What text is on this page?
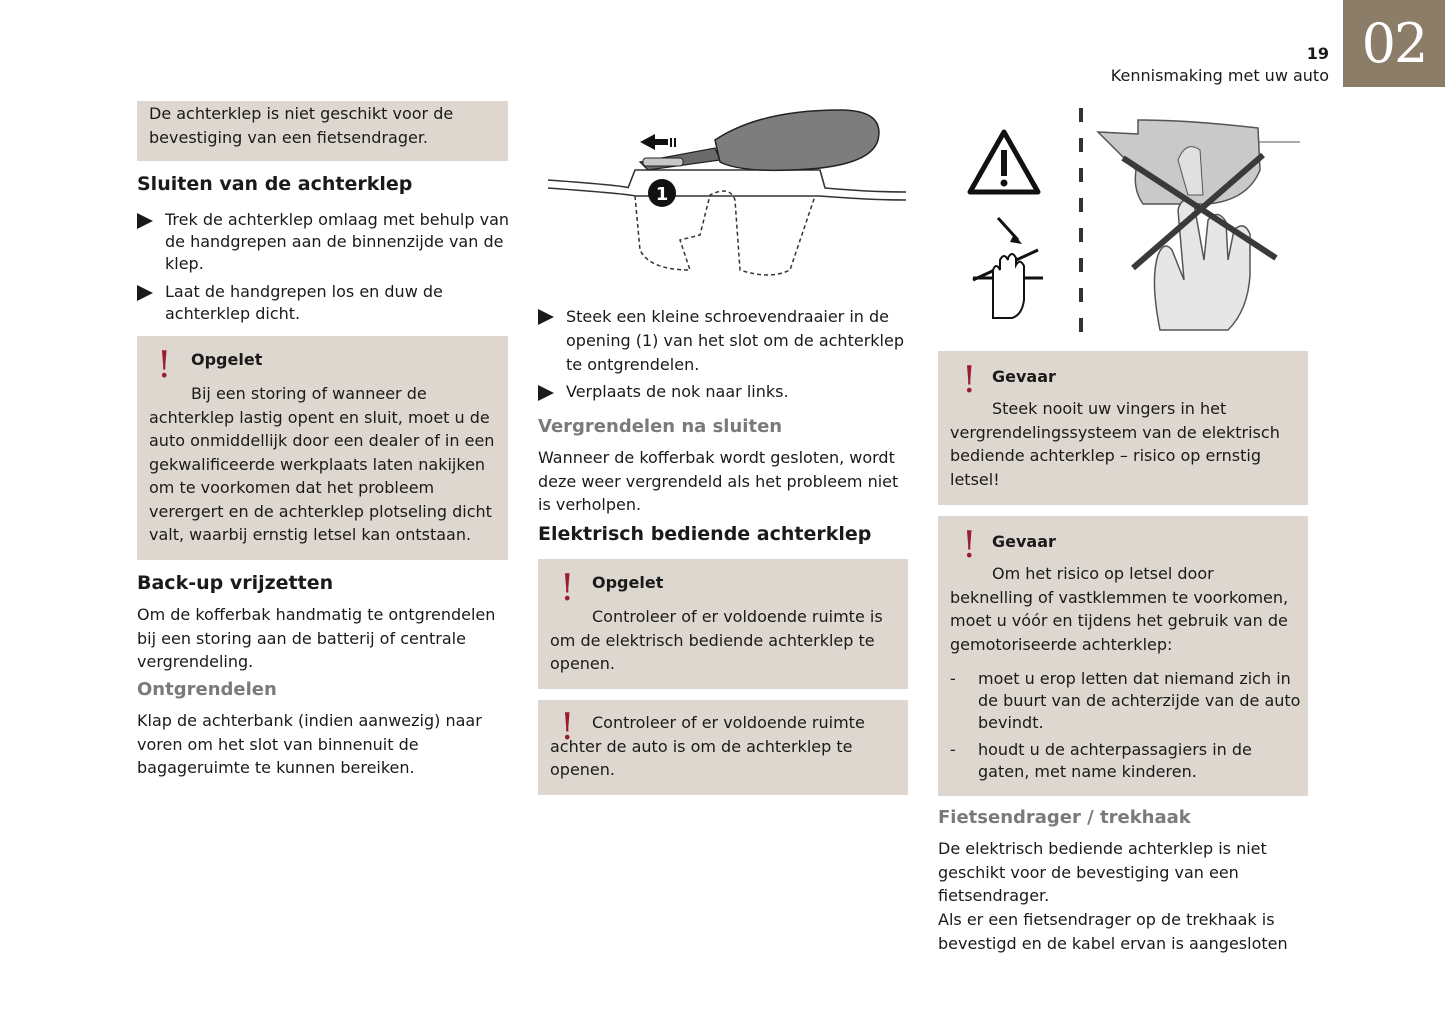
19
Kennismaking met uw auto
02
De achterklep is niet geschikt voor de bevestiging van een fietsendrager.
Sluiten van de achterklep
Trek de achterklep omlaag met behulp van de handgrepen aan de binnenzijde van de klep.
Laat de handgrepen los en duw de achterklep dicht.
! Opgelet
Bij een storing of wanneer de achterklep lastig opent en sluit, moet u de auto onmiddellijk door een dealer of in een gekwalificeerde werkplaats laten nakijken om te voorkomen dat het probleem verergert en de achterklep plotseling dicht valt, waarbij ernstig letsel kan ontstaan.
Back-up vrijzetten
Om de kofferbak handmatig te ontgrendelen bij een storing aan de batterij of centrale vergrendeling.
Ontgrendelen
Klap de achterbank (indien aanwezig) naar voren om het slot van binnenuit de bagageruimte te kunnen bereiken.
1
Steek een kleine schroevendraaier in de opening (1) van het slot om de achterklep te ontgrendelen.
Verplaats de nok naar links.
Vergrendelen na sluiten
Wanneer de kofferbak wordt gesloten, wordt deze weer vergrendeld als het probleem niet is verholpen.
Elektrisch bediende achterklep
! Opgelet
Controleer of er voldoende ruimte is om de elektrisch bediende achterklep te openen.
!	Controleer of er voldoende ruimte achter de auto is om de achterklep te openen.
! Gevaar
Steek nooit uw vingers in het vergrendelingssysteem van de elektrisch bediende achterklep – risico op ernstig letsel!
! Gevaar
Om het risico op letsel door beknelling of vastklemmen te voorkomen, moet u vóór en tijdens het gebruik van de gemotoriseerde achterklep:
- moet u erop letten dat niemand zich in de buurt van de achterzijde van de auto bevindt.
- houdt u de achterpassagiers in de gaten, met name kinderen.
Fietsendrager / trekhaak
De elektrisch bediende achterklep is niet geschikt voor de bevestiging van een fietsendrager.
Als er een fietsendrager op de trekhaak is bevestigd en de kabel ervan is aangesloten
